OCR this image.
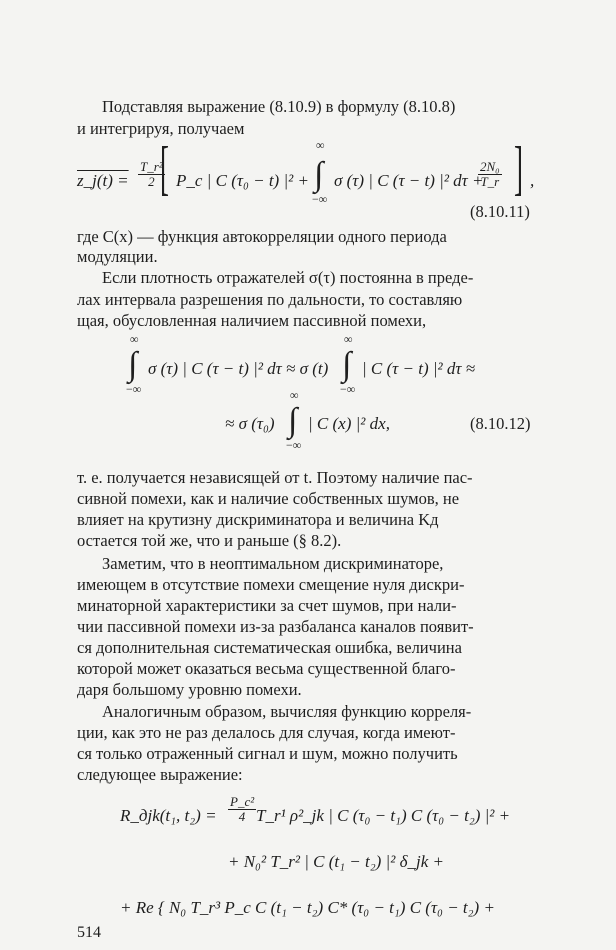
Подставляя выражение (8.10.9) в формулу (8.10.8)
и интегрируя, получаем
z_j(t) = $\frac{\text{T\_r²}}{2}$
[ P_c | C (τ₀ − t) |² +
∞
∫
−∞
σ (τ) | C (τ − t) |² dτ +
$\frac{\text{2N₀}}{T\_r}$ ] ,
(8.10.11)
где C(x) — функция автокорреляции одного периода
модуляции.
Если плотность отражателей σ(τ) постоянна в преде-
лах интервала разрешения по дальности, то составляю
щая, обусловленная наличием пассивной помехи,
∞
∫
−∞
σ (τ) | C (τ − t) |² dτ ≈ σ (t)
∞
∫
−∞
| C (τ − t) |² dτ ≈
≈ σ (τ₀)
∞
∫
−∞
| C (x) |² dx,	(8.10.12)
т. е. получается независящей от t. Поэтому наличие пас-
сивной помехи, как и наличие собственных шумов, не
влияет на крутизну дискриминатора и величина Kд
остается той же, что и раньше (§ 8.2).
Заметим, что в неоптимальном дискриминаторе,
имеющем в отсутствие помехи смещение нуля дискри-
минаторной характеристики за счет шумов, при нали-
чии пассивной помехи из-за разбаланса каналов появит-
ся дополнительная систематическая ошибка, величина
которой может оказаться весьма существенной благо-
даря большому уровню помехи.
Аналогичным образом, вычисляя функцию корреля-
ции, как это не раз делалось для случая, когда имеют-
ся только отраженный сигнал и шум, можно получить
следующее выражение:
R_дjk(t₁, $t_2) = \frac{\text{P\_c²}}{4}$ T_r¹ ρ²_jk | C (τ₀ − t₁) C (τ₀ − t₂) |² +
+ N₀² T_r² | C (t₁ − t₂) |² δ_jk +
+ Re { N₀ T_r³ P_c C (t₁ − t₂) C* (τ₀ − t₁) C (τ₀ − t₂) +
514
